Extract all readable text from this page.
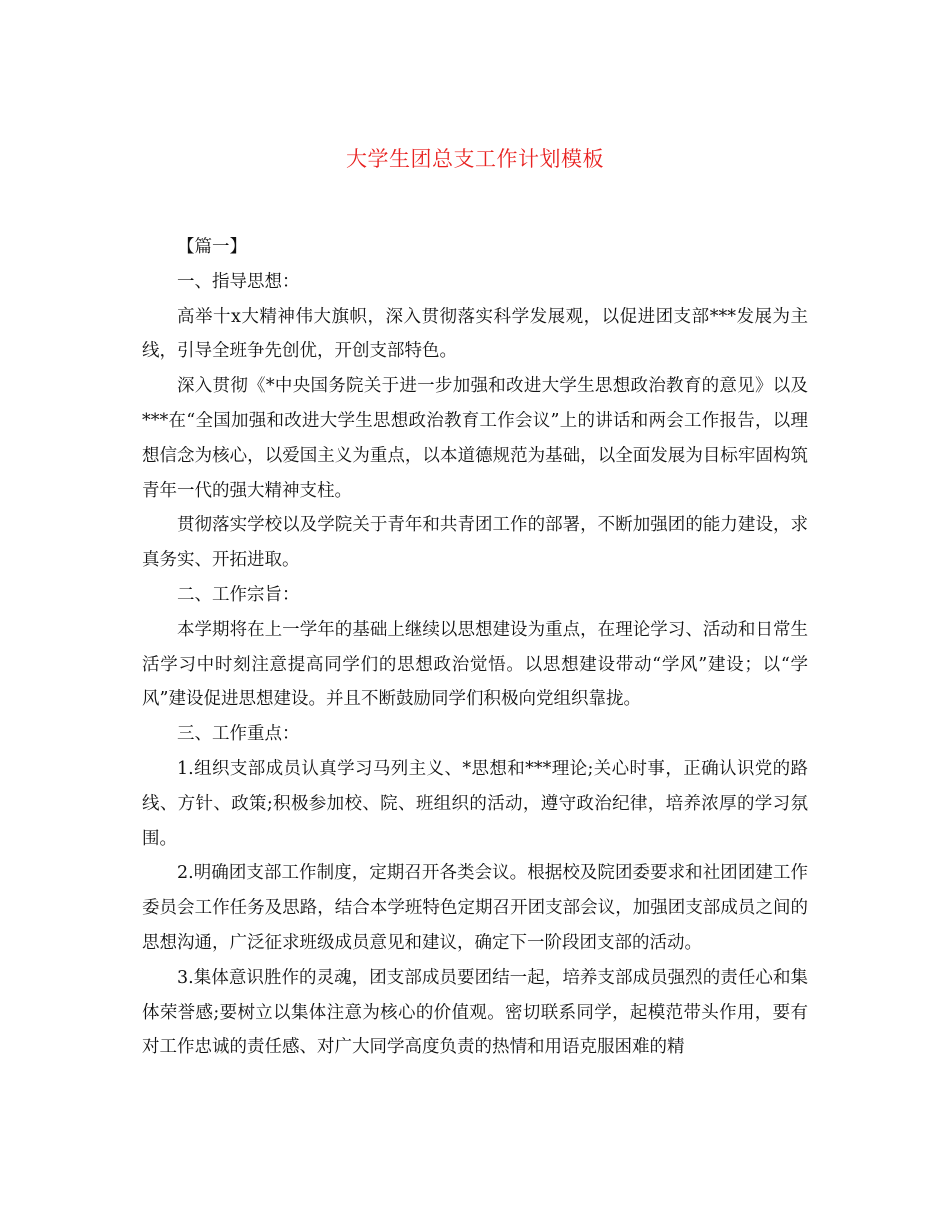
大学生团总支工作计划模板

【篇一】

一、指导思想：

高举十x大精神伟大旗帜，深入贯彻落实科学发展观，以促进团支部***发展为主线，引导全班争先创优，开创支部特色。

深入贯彻《*中央国务院关于进一步加强和改进大学生思想政治教育的意见》以及***在“全国加强和改进大学生思想政治教育工作会议”上的讲话和两会工作报告，以理想信念为核心，以爱国主义为重点，以本道德规范为基础，以全面发展为目标牢固构筑青年一代的强大精神支柱。

贯彻落实学校以及学院关于青年和共青团工作的部署，不断加强团的能力建设，求真务实、开拓进取。

二、工作宗旨：

本学期将在上一学年的基础上继续以思想建设为重点，在理论学习、活动和日常生活学习中时刻注意提高同学们的思想政治觉悟。以思想建设带动“学风”建设；以“学风”建设促进思想建设。并且不断鼓励同学们积极向党组织靠拢。

三、工作重点：

1.组织支部成员认真学习马列主义、*思想和***理论;关心时事，正确认识党的路线、方针、政策;积极参加校、院、班组织的活动，遵守政治纪律，培养浓厚的学习氛围。

2.明确团支部工作制度，定期召开各类会议。根据校及院团委要求和社团团建工作委员会工作任务及思路，结合本学班特色定期召开团支部会议，加强团支部成员之间的思想沟通，广泛征求班级成员意见和建议，确定下一阶段团支部的活动。

3.集体意识胜作的灵魂，团支部成员要团结一起，培养支部成员强烈的责任心和集体荣誉感;要树立以集体注意为核心的价值观。密切联系同学，起模范带头作用，要有对工作忠诚的责任感、对广大同学高度负责的热情和用语克服困难的精
